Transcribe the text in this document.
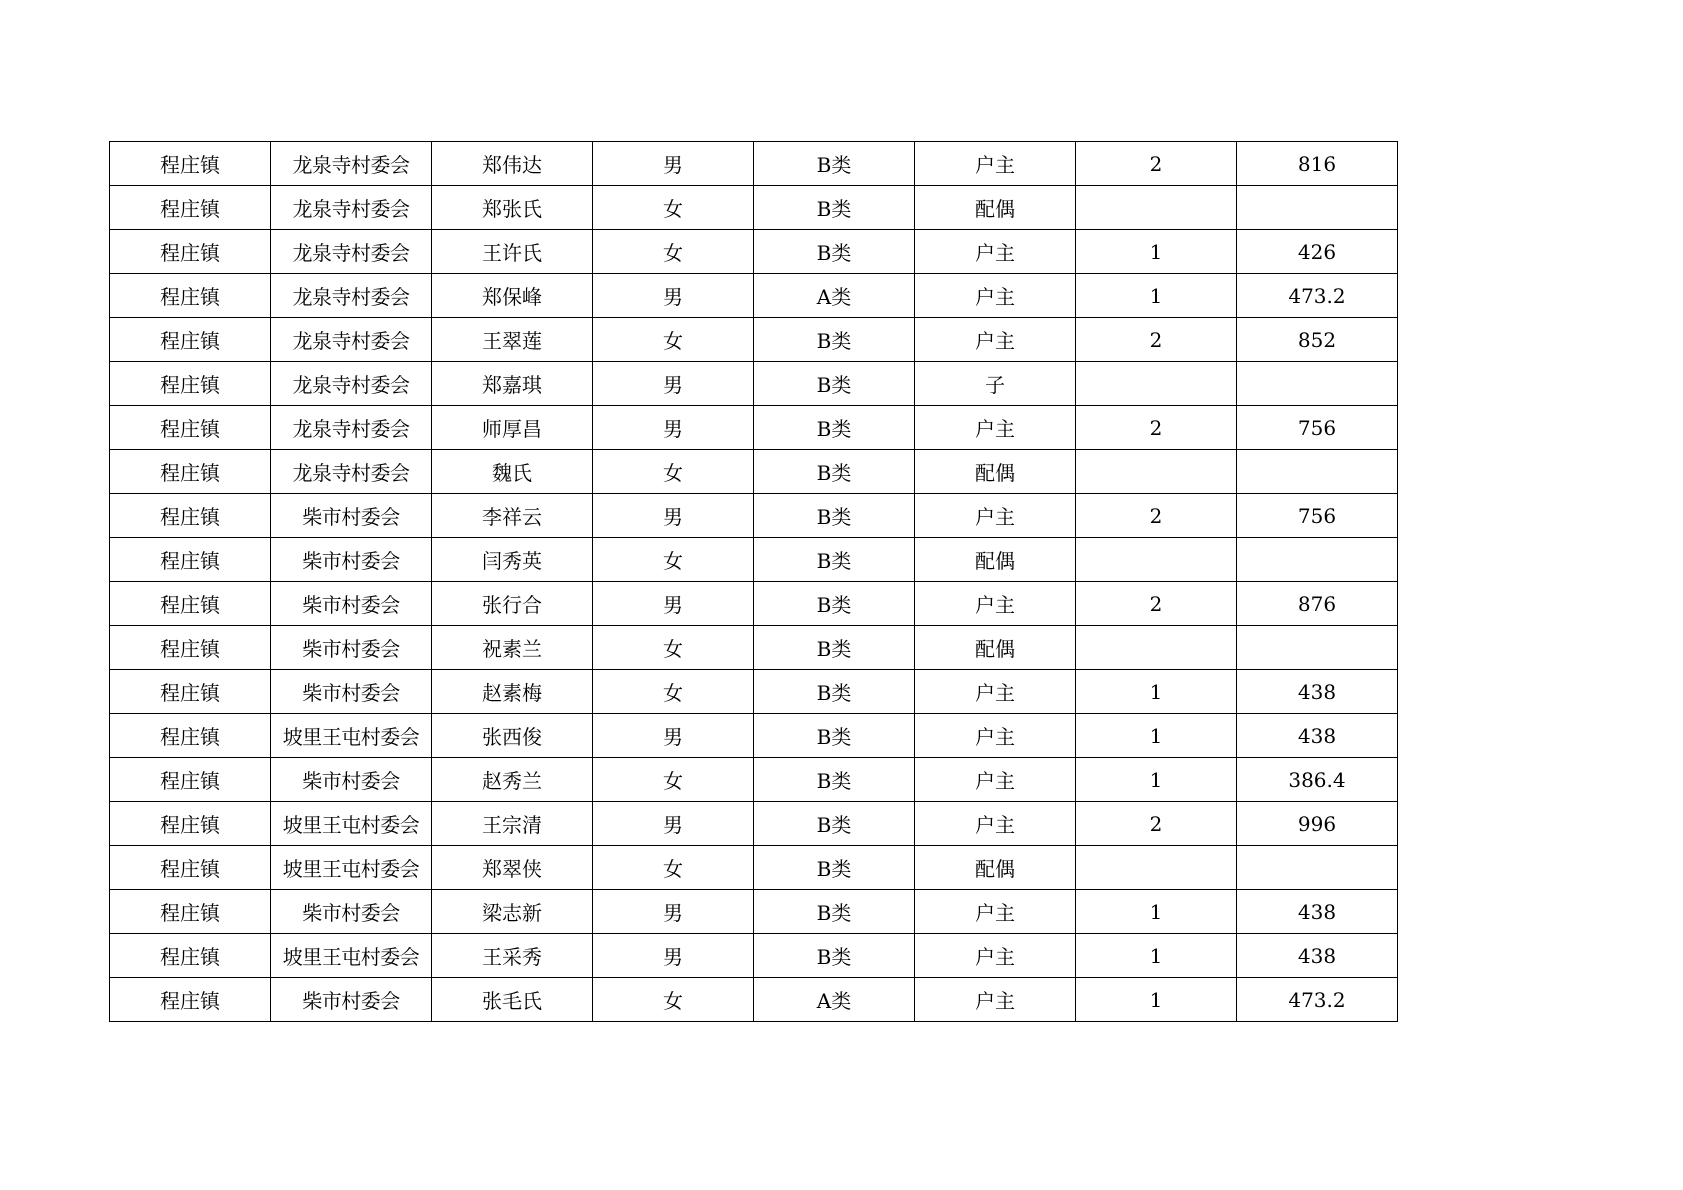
程庄镇	龙泉寺村委会	郑伟达	男	B类	户主	2	816
程庄镇	龙泉寺村委会	郑张氏	女	B类	配偶		
程庄镇	龙泉寺村委会	王许氏	女	B类	户主	1	426
程庄镇	龙泉寺村委会	郑保峰	男	A类	户主	1	473.2
程庄镇	龙泉寺村委会	王翠莲	女	B类	户主	2	852
程庄镇	龙泉寺村委会	郑嘉琪	男	B类	子		
程庄镇	龙泉寺村委会	师厚昌	男	B类	户主	2	756
程庄镇	龙泉寺村委会	魏氏	女	B类	配偶		
程庄镇	柴市村委会	李祥云	男	B类	户主	2	756
程庄镇	柴市村委会	闫秀英	女	B类	配偶		
程庄镇	柴市村委会	张行合	男	B类	户主	2	876
程庄镇	柴市村委会	祝素兰	女	B类	配偶		
程庄镇	柴市村委会	赵素梅	女	B类	户主	1	438
程庄镇	坡里王屯村委会	张西俊	男	B类	户主	1	438
程庄镇	柴市村委会	赵秀兰	女	B类	户主	1	386.4
程庄镇	坡里王屯村委会	王宗清	男	B类	户主	2	996
程庄镇	坡里王屯村委会	郑翠侠	女	B类	配偶		
程庄镇	柴市村委会	梁志新	男	B类	户主	1	438
程庄镇	坡里王屯村委会	王采秀	男	B类	户主	1	438
程庄镇	柴市村委会	张毛氏	女	A类	户主	1	473.2
